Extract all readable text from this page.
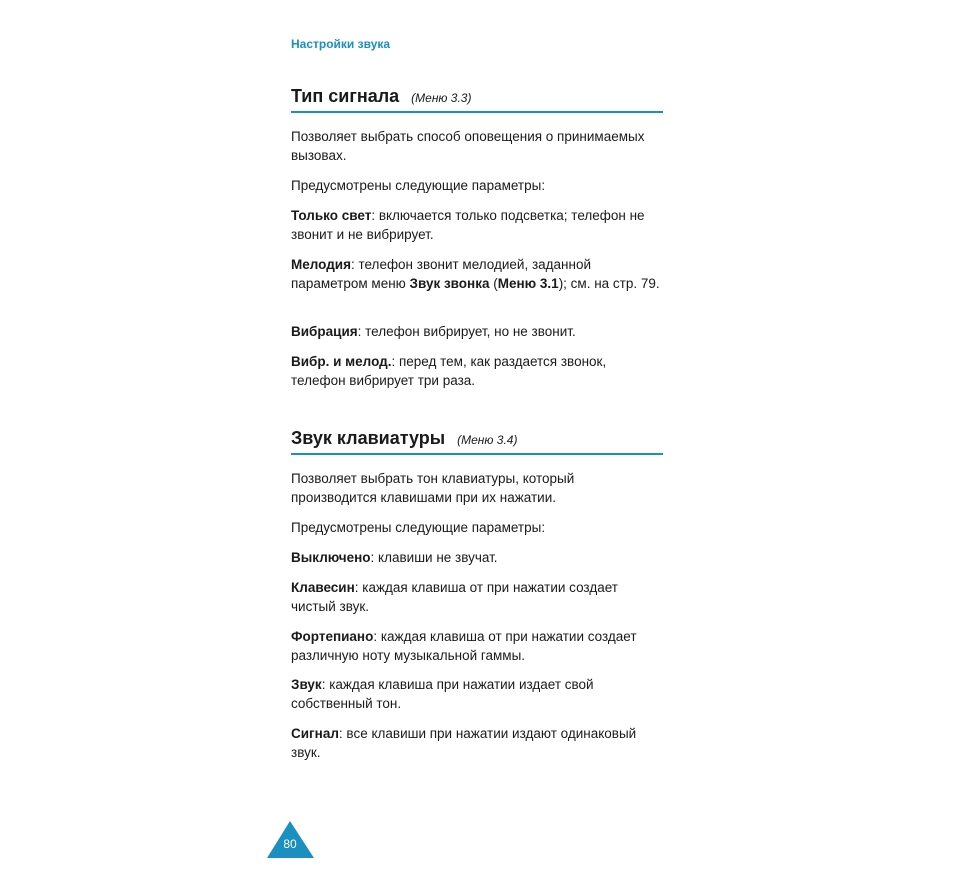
Настройки звука
Тип сигнала (Меню 3.3)

Позволяет выбрать способ оповещения о принимаемых вызовах.

Предусмотрены следующие параметры:

Только свет: включается только подсветка; телефон не звонит и не вибрирует.

Мелодия: телефон звонит мелодией, заданной параметром меню Звук звонка (Меню 3.1); см. на стр. 79.

Вибрация: телефон вибрирует, но не звонит.

Вибр. и мелод.: перед тем, как раздается звонок, телефон вибрирует три раза.

Звук клавиатуры (Меню 3.4)

Позволяет выбрать тон клавиатуры, который производится клавишами при их нажатии.

Предусмотрены следующие параметры:

Выключено: клавиши не звучат.

Клавесин: каждая клавиша от при нажатии создает чистый звук.

Фортепиано: каждая клавиша от при нажатии создает различную ноту музыкальной гаммы.

Звук: каждая клавиша при нажатии издает свой собственный тон.

Сигнал: все клавиши при нажатии издают одинаковый звук.

80
